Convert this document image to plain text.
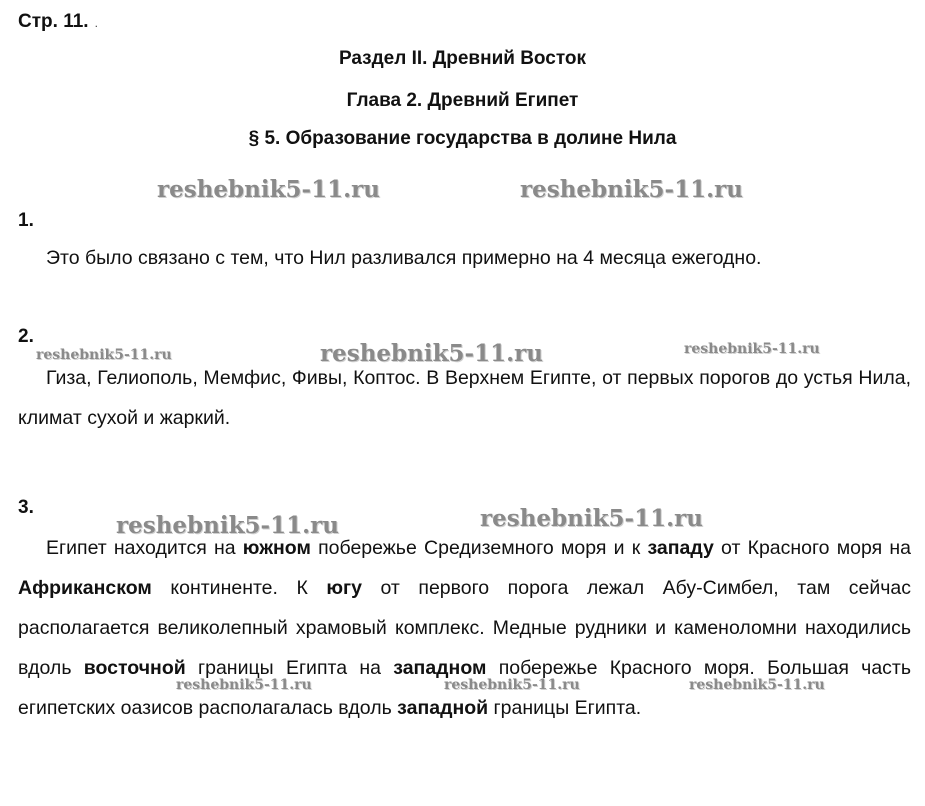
Стр. 11. .
Раздел II. Древний Восток
Глава 2. Древний Египет
§ 5. Образование государства в долине Нила
reshebnik5-11.ru	reshebnik5-11.ru
1.

Это было связано с тем, что Нил разливался примерно на 4 месяца ежегодно.

2.
reshebnik5-11.ru	reshebnik5-11.ru	reshebnik5-11.ru

Гиза, Гелиополь, Мемфис, Фивы, Коптос. В Верхнем Египте, от первых порогов до устья Нила, климат сухой и жаркий.

3.
reshebnik5-11.ru	reshebnik5-11.ru
reshebnik5-11.ru	reshebnik5-11.ru	reshebnik5-11.ru

Египет находится на южном побережье Средиземного моря и к западу от Красного моря на Африканском континенте. К югу от первого порога лежал Абу-Симбел, там сейчас располагается великолепный храмовый комплекс. Медные рудники и каменоломни находились вдоль восточной границы Египта на западном побережье Красного моря. Большая часть египетских оазисов располагалась вдоль западной границы Египта.
